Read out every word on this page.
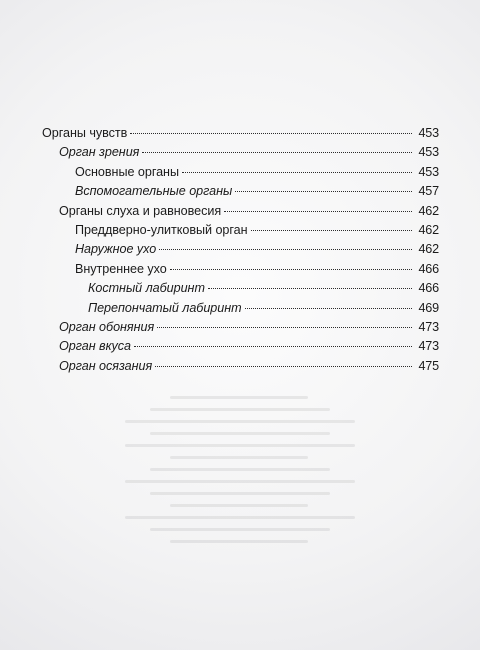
Органы чувств	453
Орган зрения	453
Основные органы	453
Вспомогательные органы	457
Органы слуха и равновесия	462
Преддверно-улитковый орган	462
Наружное ухо	462
Внутреннее ухо	466
Костный лабиринт	466
Перепончатый лабиринт	469
Орган обоняния	473
Орган вкуса	473
Орган осязания	475
